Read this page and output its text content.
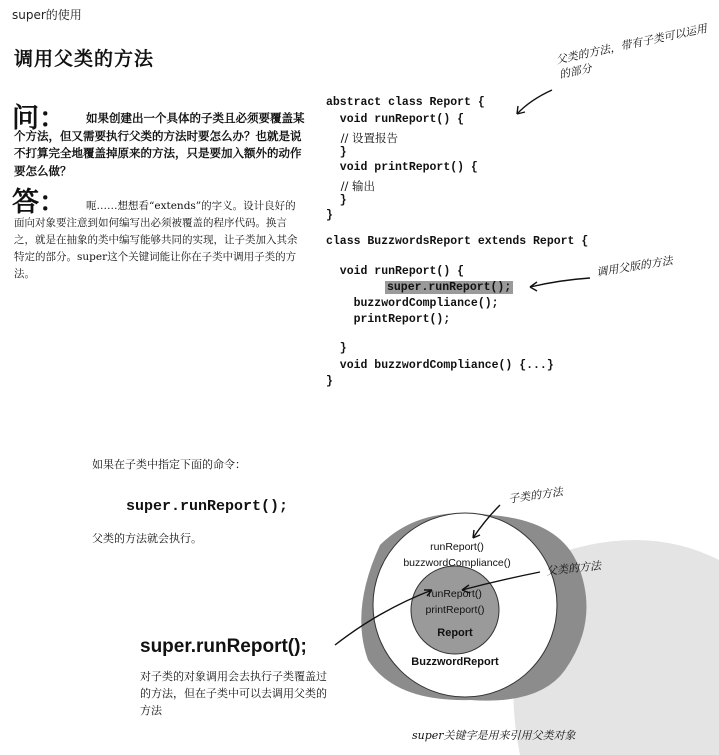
super的使用
调用父类的方法
问：	如果创建出一个具体的子类且必须要覆盖某个方法，但又需要执行父类的方法时要怎么办？也就是说不打算完全地覆盖掉原来的方法，只是要加入额外的动作要怎么做？
答：	呃……想想看“extends”的字义。设计良好的面向对象要注意到如何编写出必须被覆盖的程序代码。换言之，就是在抽象的类中编写能够共同的实现，让子类加入其余特定的部分。super这个关键词能让你在子类中调用子类的方法。
abstract class Report {
void runReport() {
// 设置报告
}
void printReport() {
// 输出
}
}
class BuzzwordsReport extends Report {
void runReport() {
super.runReport();
buzzwordCompliance();
printReport();
}
void buzzwordCompliance() {...}
}
父类的方法，带有子类可以运用的部分
调用父版的方法
子类的方法
父类的方法
如果在子类中指定下面的命令：
super.runReport();
父类的方法就会执行。
super.runReport();
对子类的对象调用会去执行子类覆盖过的方法，但在子类中可以去调用父类的方法
super关键字是用来引用父类对象
runReport()
buzzwordCompliance()
runReport()
printReport()
Report
BuzzwordReport
